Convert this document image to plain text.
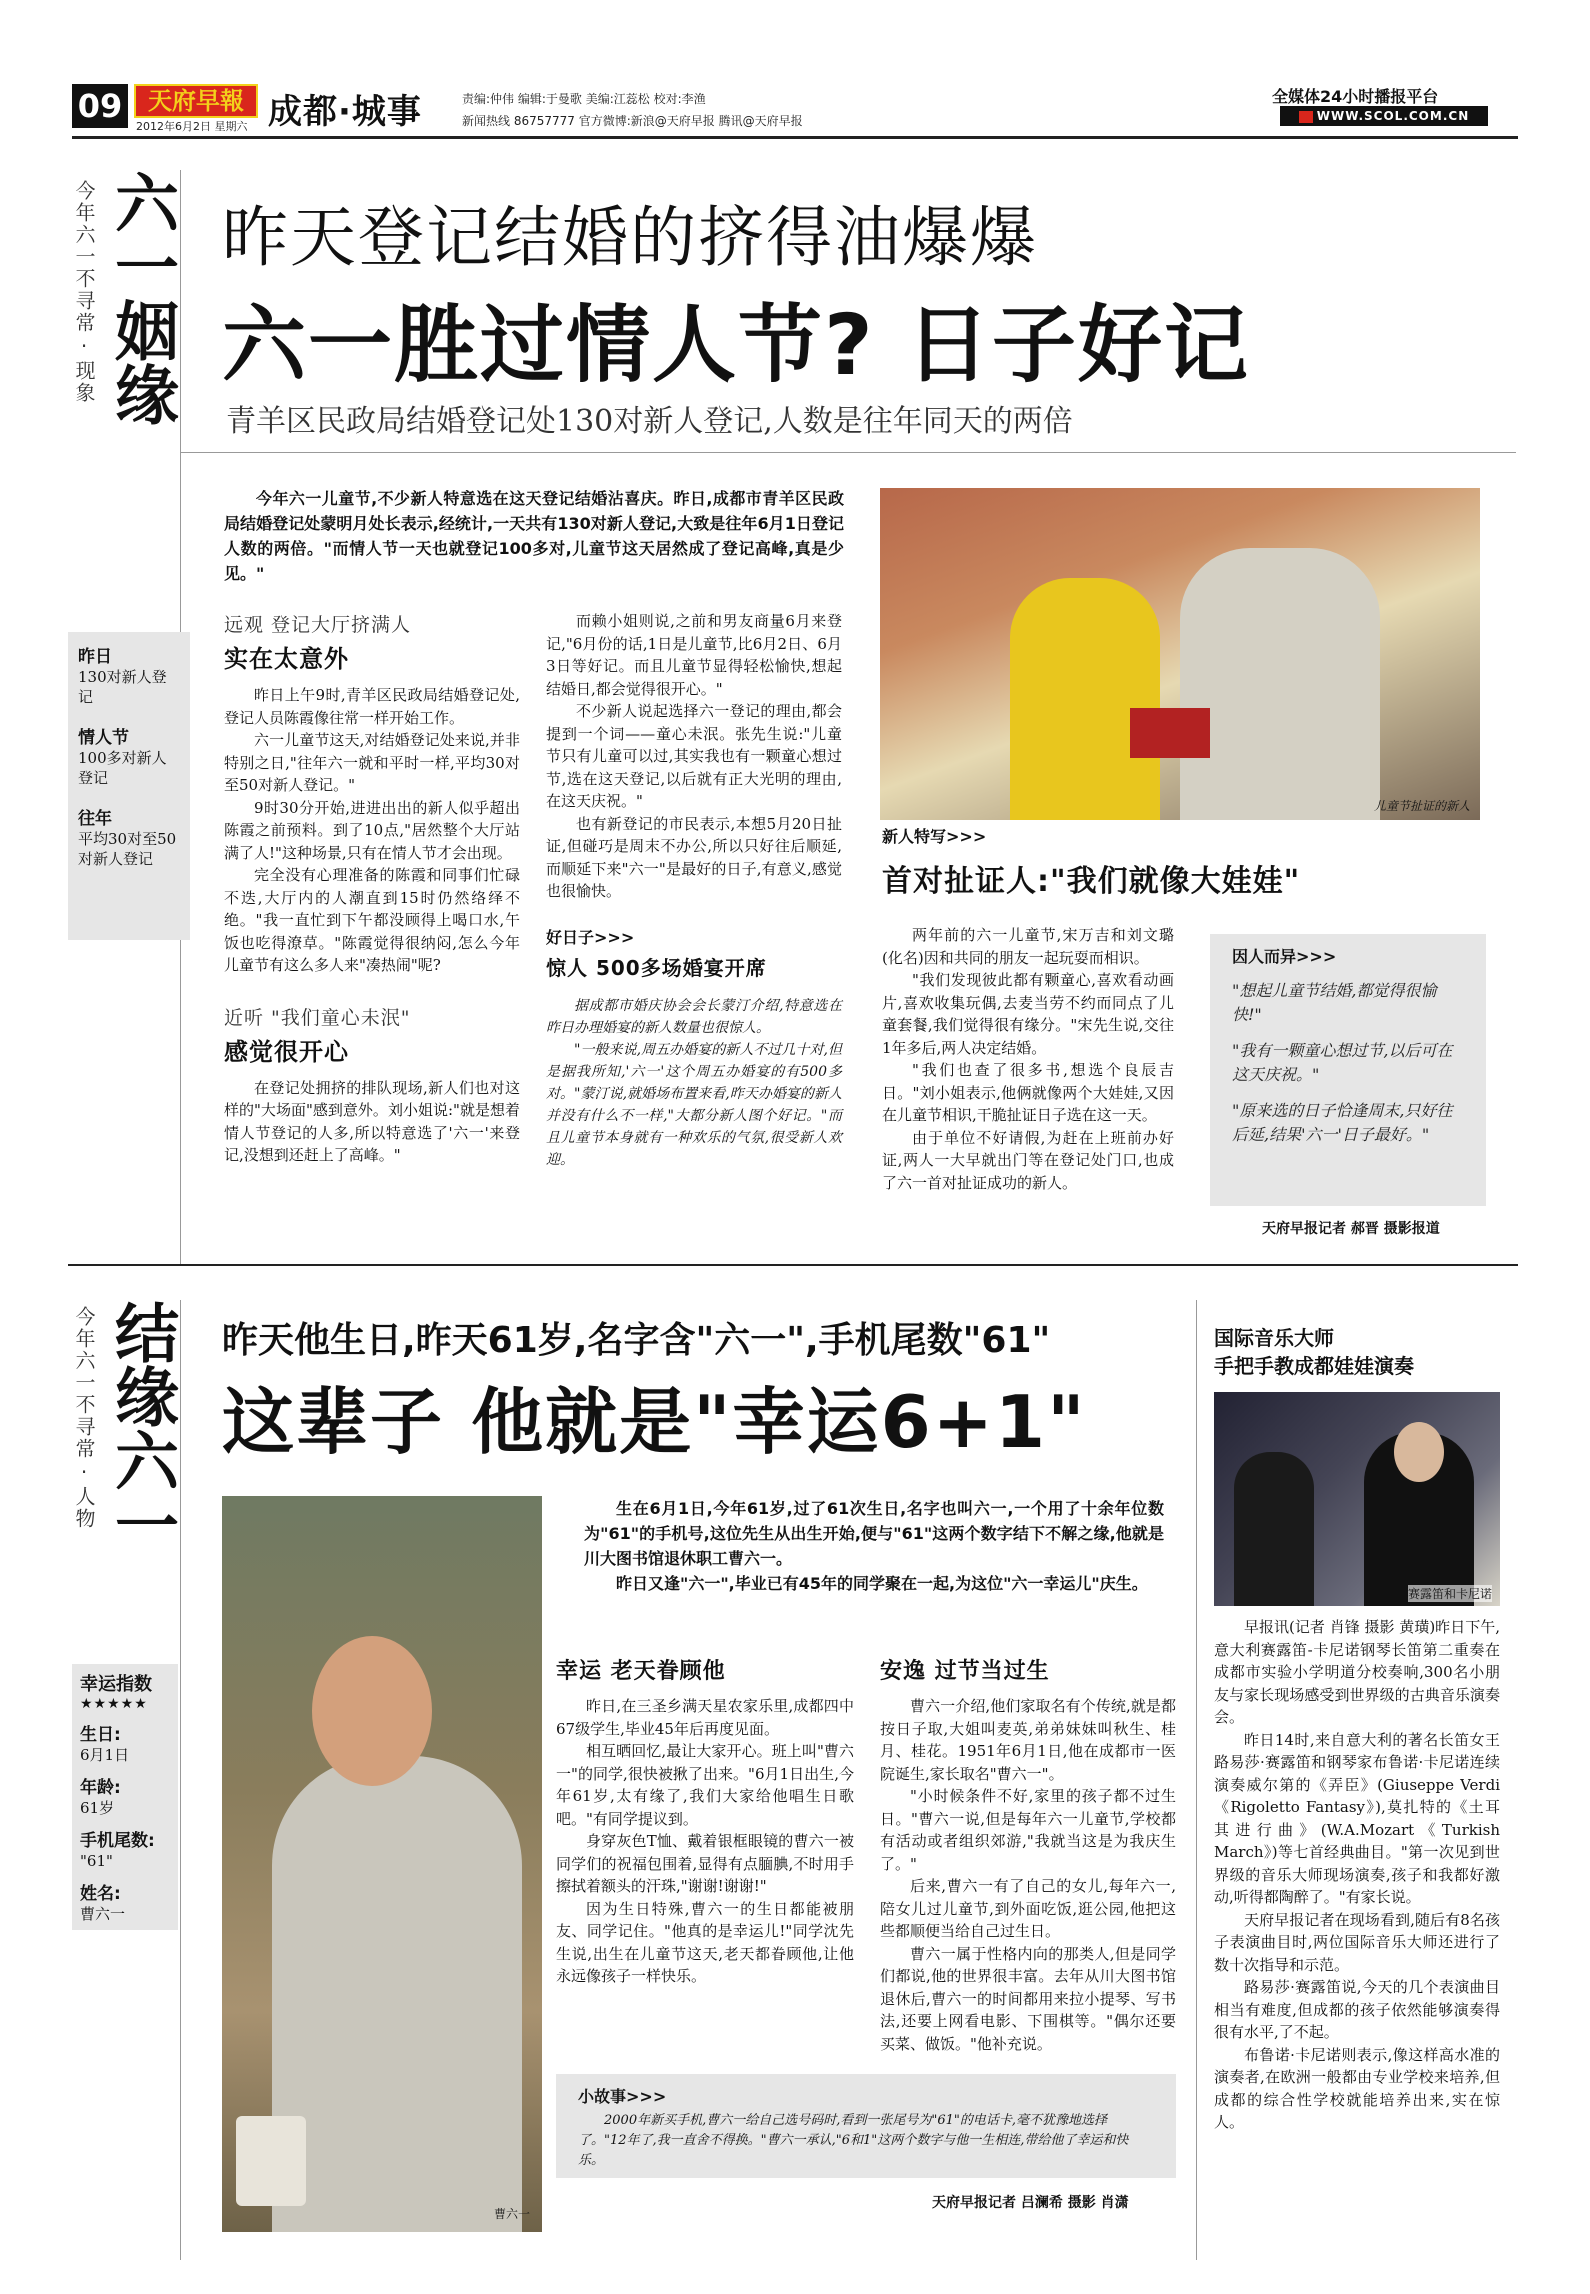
09	天府早報
2012年6月2日 星期六 成都·城事	责编:仲伟 编辑:于曼歌 美编:江蕊松 校对:李渔
新闻热线 86757777 官方微博:新浪@天府早报 腾讯@天府早报
全媒体24小时播报平台
WWW.SCOL.COM.CN
今年六一不寻常·现象 六一姻缘 昨天登记结婚的挤得油爆爆
六一胜过情人节? 日子好记
青羊区民政局结婚登记处130对新人登记,人数是往年同天的两倍
昨日
130对新人登记
情人节
100多对新人登记
往年
平均30对至50对新人登记

今年六一儿童节,不少新人特意选在这天登记结婚沾喜庆。昨日,成都市青羊区民政局结婚登记处蒙明月处长表示,经统计,一天共有130对新人登记,大致是往年6月1日登记人数的两倍。"而情人节一天也就登记100多对,儿童节这天居然成了登记高峰,真是少见。"

远观 登记大厅挤满人
实在太意外

昨日上午9时,青羊区民政局结婚登记处,登记人员陈霞像往常一样开始工作。

六一儿童节这天,对结婚登记处来说,并非特别之日,"往年六一就和平时一样,平均30对至50对新人登记。"

9时30分开始,进进出出的新人似乎超出陈霞之前预料。到了10点,"居然整个大厅站满了人!"这种场景,只有在情人节才会出现。

完全没有心理准备的陈霞和同事们忙碌不迭,大厅内的人潮直到15时仍然络绎不绝。"我一直忙到下午都没顾得上喝口水,午饭也吃得潦草。"陈霞觉得很纳闷,怎么今年儿童节有这么多人来"凑热闹"呢?

近听 "我们童心未泯"
感觉很开心

在登记处拥挤的排队现场,新人们也对这样的"大场面"感到意外。刘小姐说:"就是想着情人节登记的人多,所以特意选了'六一'来登记,没想到还赶上了高峰。"

而赖小姐则说,之前和男友商量6月来登记,"6月份的话,1日是儿童节,比6月2日、6月3日等好记。而且儿童节显得轻松愉快,想起结婚日,都会觉得很开心。"

不少新人说起选择六一登记的理由,都会提到一个词——童心未泯。张先生说:"儿童节只有儿童可以过,其实我也有一颗童心想过节,选在这天登记,以后就有正大光明的理由,在这天庆祝。"

也有新登记的市民表示,本想5月20日扯证,但碰巧是周末不办公,所以只好往后顺延,而顺延下来"六一"是最好的日子,有意义,感觉也很愉快。

好日子>>>
惊人 500多场婚宴开席

据成都市婚庆协会会长蒙汀介绍,特意选在昨日办理婚宴的新人数量也很惊人。

"一般来说,周五办婚宴的新人不过几十对,但是据我所知,'六一'这个周五办婚宴的有500多对。"蒙汀说,就婚场布置来看,昨天办婚宴的新人并没有什么不一样,"大都分新人图个好记。"而且儿童节本身就有一种欢乐的气氛,很受新人欢迎。

儿童节扯证的新人
新人特写>>>
首对扯证人:"我们就像大娃娃"

两年前的六一儿童节,宋万吉和刘文璐(化名)因和共同的朋友一起玩耍而相识。

"我们发现彼此都有颗童心,喜欢看动画片,喜欢收集玩偶,去麦当劳不约而同点了儿童套餐,我们觉得很有缘分。"宋先生说,交往1年多后,两人决定结婚。

"我们也查了很多书,想选个良辰吉日。"刘小姐表示,他俩就像两个大娃娃,又因在儿童节相识,干脆扯证日子选在这一天。

由于单位不好请假,为赶在上班前办好证,两人一大早就出门等在登记处门口,也成了六一首对扯证成功的新人。

因人而异>>>
"想起儿童节结婚,都觉得很愉快!"
"我有一颗童心想过节,以后可在这天庆祝。"
"原来选的日子恰逢周末,只好往后延,结果'六一'日子最好。"
天府早报记者 郝晋 摄影报道
今年六一不寻常·人物 结缘六一 昨天他生日,昨天61岁,名字含"六一",手机尾数"61"
这辈子 他就是"幸运6+1"
曹六一
幸运指数
★★★★★
生日:
6月1日
年龄:
61岁
手机尾数:
"61"
姓名:
曹六一

生在6月1日,今年61岁,过了61次生日,名字也叫六一,一个用了十余年位数为"61"的手机号,这位先生从出生开始,便与"61"这两个数字结下不解之缘,他就是川大图书馆退休职工曹六一。

昨日又逢"六一",毕业已有45年的同学聚在一起,为这位"六一幸运儿"庆生。

幸运 老天眷顾他

昨日,在三圣乡满天星农家乐里,成都四中67级学生,毕业45年后再度见面。

相互晒回忆,最让大家开心。班上叫"曹六一"的同学,很快被揪了出来。"6月1日出生,今年61岁,太有缘了,我们大家给他唱生日歌吧。"有同学提议到。

身穿灰色T恤、戴着银框眼镜的曹六一被同学们的祝福包围着,显得有点腼腆,不时用手擦拭着额头的汗珠,"谢谢!谢谢!"

因为生日特殊,曹六一的生日都能被朋友、同学记住。"他真的是幸运儿!"同学沈先生说,出生在儿童节这天,老天都眷顾他,让他永远像孩子一样快乐。

安逸 过节当过生

曹六一介绍,他们家取名有个传统,就是都按日子取,大姐叫麦英,弟弟妹妹叫秋生、桂月、桂花。1951年6月1日,他在成都市一医院诞生,家长取名"曹六一"。

"小时候条件不好,家里的孩子都不过生日。"曹六一说,但是每年六一儿童节,学校都有活动或者组织郊游,"我就当这是为我庆生了。"

后来,曹六一有了自己的女儿,每年六一,陪女儿过儿童节,到外面吃饭,逛公园,他把这些都顺便当给自己过生日。

曹六一属于性格内向的那类人,但是同学们都说,他的世界很丰富。去年从川大图书馆退休后,曹六一的时间都用来拉小提琴、写书法,还要上网看电影、下围棋等。"偶尔还要买菜、做饭。"他补充说。

小故事>>>
2000年新买手机,曹六一给自己选号码时,看到一张尾号为"61"的电话卡,毫不犹豫地选择了。"12年了,我一直舍不得换。"曹六一承认,"6和1"这两个数字与他一生相连,带给他了幸运和快乐。
天府早报记者 吕澜希 摄影 肖潇
国际音乐大师
手把手教成都娃娃演奏
赛露笛和卡尼诺

早报讯(记者 肖锋 摄影 黄璜)昨日下午,意大利赛露笛-卡尼诺钢琴长笛第二重奏在成都市实验小学明道分校奏响,300名小朋友与家长现场感受到世界级的古典音乐演奏会。

昨日14时,来自意大利的著名长笛女王路易莎·赛露笛和钢琴家布鲁诺·卡尼诺连续演奏威尔第的《弄臣》(Giuseppe Verdi《Rigoletto Fantasy》),莫扎特的《土耳其进行曲》(W.A.Mozart《Turkish March》)等七首经典曲目。"第一次见到世界级的音乐大师现场演奏,孩子和我都好激动,听得都陶醉了。"有家长说。

天府早报记者在现场看到,随后有8名孩子表演曲目时,两位国际音乐大师还进行了数十次指导和示范。

路易莎·赛露笛说,今天的几个表演曲目相当有难度,但成都的孩子依然能够演奏得很有水平,了不起。

布鲁诺·卡尼诺则表示,像这样高水准的演奏者,在欧洲一般都由专业学校来培养,但成都的综合性学校就能培养出来,实在惊人。
